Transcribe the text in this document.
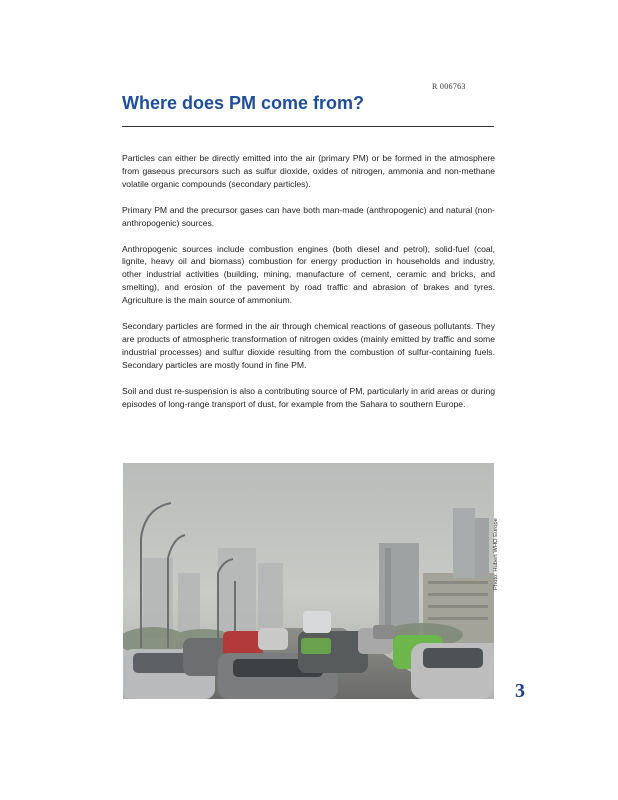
R 006763
Where does PM come from?

Particles can either be directly emitted into the air (primary PM) or be formed in the atmosphere from gaseous precursors such as sulfur dioxide, oxides of nitrogen, ammonia and non-methane volatile organic compounds (secondary particles).

Primary PM and the precursor gases can have both man-made (anthropogenic) and natural (non-anthropogenic) sources.

Anthropogenic sources include combustion engines (both diesel and petrol), solid-fuel (coal, lignite, heavy oil and biomass) combustion for energy production in households and industry, other industrial activities (building, mining, manufacture of cement, ceramic and bricks, and smelting), and erosion of the pavement by road traffic and abrasion of brakes and tyres. Agriculture is the main source of ammonium.

Secondary particles are formed in the air through chemical reactions of gaseous pollutants. They are products of atmospheric transformation of nitrogen oxides (mainly emitted by traffic and some industrial processes) and sulfur dioxide resulting from the combustion of sulfur-containing fuels. Secondary particles are mostly found in fine PM.

Soil and dust re-suspension is also a contributing source of PM, particularly in arid areas or during episodes of long-range transport of dust, for example from the Sahara to southern Europe.

Photo: Hubert WHO Europe
3
